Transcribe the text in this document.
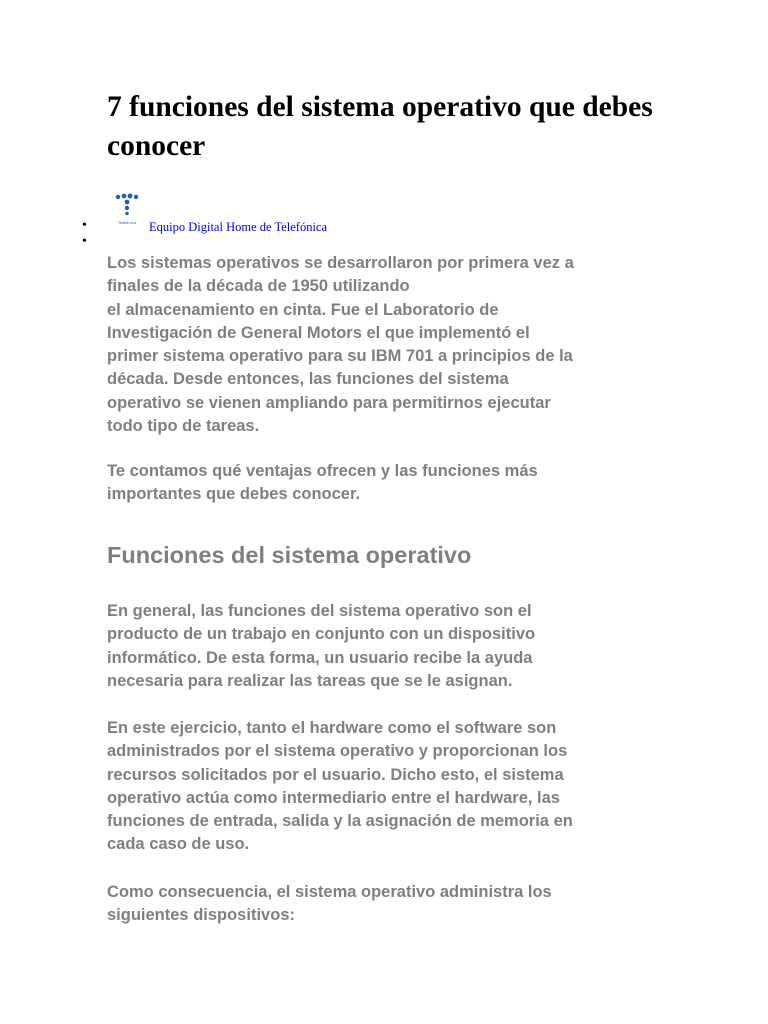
7 funciones del sistema operativo que debes conocer
•
•
Telefónica Equipo Digital Home de Telefónica

Los sistemas operativos se desarrollaron por primera vez a
finales de la década de 1950 utilizando
el almacenamiento en cinta. Fue el Laboratorio de
Investigación de General Motors el que implementó el
primer sistema operativo para su IBM 701 a principios de la
década. Desde entonces, las funciones del sistema
operativo se vienen ampliando para permitirnos ejecutar
todo tipo de tareas.

Te contamos qué ventajas ofrecen y las funciones más
importantes que debes conocer.

Funciones del sistema operativo

En general, las funciones del sistema operativo son el
producto de un trabajo en conjunto con un dispositivo
informático. De esta forma, un usuario recibe la ayuda
necesaria para realizar las tareas que se le asignan.

En este ejercicio, tanto el hardware como el software son
administrados por el sistema operativo y proporcionan los
recursos solicitados por el usuario. Dicho esto, el sistema
operativo actúa como intermediario entre el hardware, las
funciones de entrada, salida y la asignación de memoria en
cada caso de uso.

Como consecuencia, el sistema operativo administra los
siguientes dispositivos:
